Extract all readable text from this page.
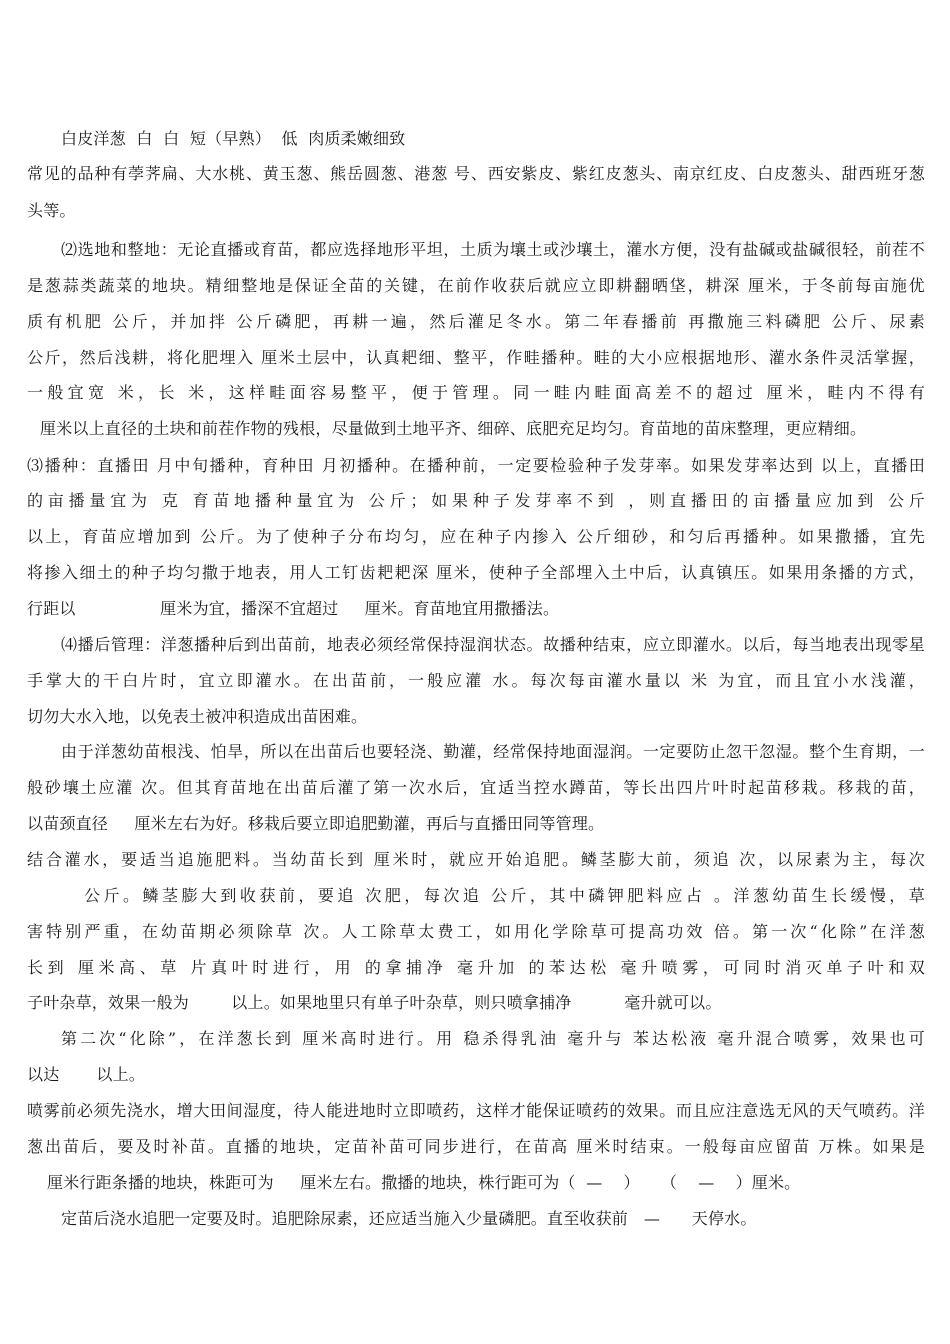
白皮洋葱  白  白  短（早熟）  低  肉质柔嫩细致
常见的品种有荸荠扁、大水桃、黄玉葱、熊岳圆葱、港葱 号、西安紫皮、紫红皮葱头、南京红皮、白皮葱头、甜西班牙葱
头等。
⑵选地和整地：无论直播或育苗，都应选择地形平坦，土质为壤土或沙壤土，灌水方便，没有盐碱或盐碱很轻，前茬不
是葱蒜类蔬菜的地块。精细整地是保证全苗的关键，在前作收获后就应立即耕翻晒垡，耕深 厘米，于冬前每亩施优
质有机肥 公斤，并加拌 公斤磷肥，再耕一遍，然后灌足冬水。第二年春播前 再撒施三料磷肥 公斤、尿素
公斤，然后浅耕，将化肥埋入 厘米土层中，认真耙细、整平，作畦播种。畦的大小应根据地形、灌水条件灵活掌握，
一般宜宽 米，长 米，这样畦面容易整平，便于管理。同一畦内畦面高差不的超过 厘米，畦内不得有
厘米以上直径的土块和前茬作物的残根，尽量做到土地平齐、细碎、底肥充足均匀。育苗地的苗床整理，更应精细。
⑶播种：直播田 月中旬播种，育种田 月初播种。在播种前，一定要检验种子发芽率。如果发芽率达到 以上，直播田
的亩播量宜为 克 育苗地播种量宜为 公斤；如果种子发芽率不到 ，则直播田的亩播量应加到 公斤
以上，育苗应增加到 公斤。为了使种子分布均匀，应在种子内掺入 公斤细砂，和匀后再播种。如果撒播，宜先
将掺入细土的种子均匀撒于地表，用人工钉齿耙耙深 厘米，使种子全部埋入土中后，认真镇压。如果用条播的方式，
行距以                厘米为宜，播深不宜超过     厘米。育苗地宜用撒播法。
⑷播后管理：洋葱播种后到出苗前，地表必须经常保持湿润状态。故播种结束，应立即灌水。以后，每当地表出现零星
手掌大的干白片时，宜立即灌水。在出苗前，一般应灌 水。每次每亩灌水量以 米 为宜，而且宜小水浅灌，
切勿大水入地，以免表土被冲积造成出苗困难。
由于洋葱幼苗根浅、怕旱，所以在出苗后也要轻浇、勤灌，经常保持地面湿润。一定要防止忽干忽湿。整个生育期，一
般砂壤土应灌 次。但其育苗地在出苗后灌了第一次水后，宜适当控水蹲苗，等长出四片叶时起苗移栽。移栽的苗，
以苗颈直径     厘米左右为好。移栽后要立即追肥勤灌，再后与直播田同等管理。
结合灌水，要适当追施肥料。当幼苗长到 厘米时，就应开始追肥。鳞茎膨大前，须追 次，以尿素为主，每次
公斤。鳞茎膨大到收获前，要追 次肥，每次追 公斤，其中磷钾肥料应占 。洋葱幼苗生长缓慢，草
害特别严重，在幼苗期必须除草 次。人工除草太费工，如用化学除草可提高功效 倍。第一次“化除”在洋葱
长到 厘米高、草 片真叶时进行，用 的拿捕净 毫升加 的苯达松 毫升喷雾，可同时消灭单子叶和双
子叶杂草，效果一般为        以上。如果地里只有单子叶杂草，则只喷拿捕净          毫升就可以。
第二次“化除”，在洋葱长到 厘米高时进行。用 稳杀得乳油 毫升与 苯达松液 毫升混合喷雾，效果也可
以达       以上。
喷雾前必须先浇水，增大田间湿度，待人能进地时立即喷药，这样才能保证喷药的效果。而且应注意选无风的天气喷药。洋
葱出苗后，要及时补苗。直播的地块，定苗补苗可同步进行，在苗高 厘米时结束。一般每亩应留苗 万株。如果是
厘米行距条播的地块，株距可为     厘米左右。撒播的地块，株行距可为（  —    ）    （    —    ）厘米。
定苗后浇水追肥一定要及时。追肥除尿素，还应适当施入少量磷肥。直至收获前   —      天停水。
